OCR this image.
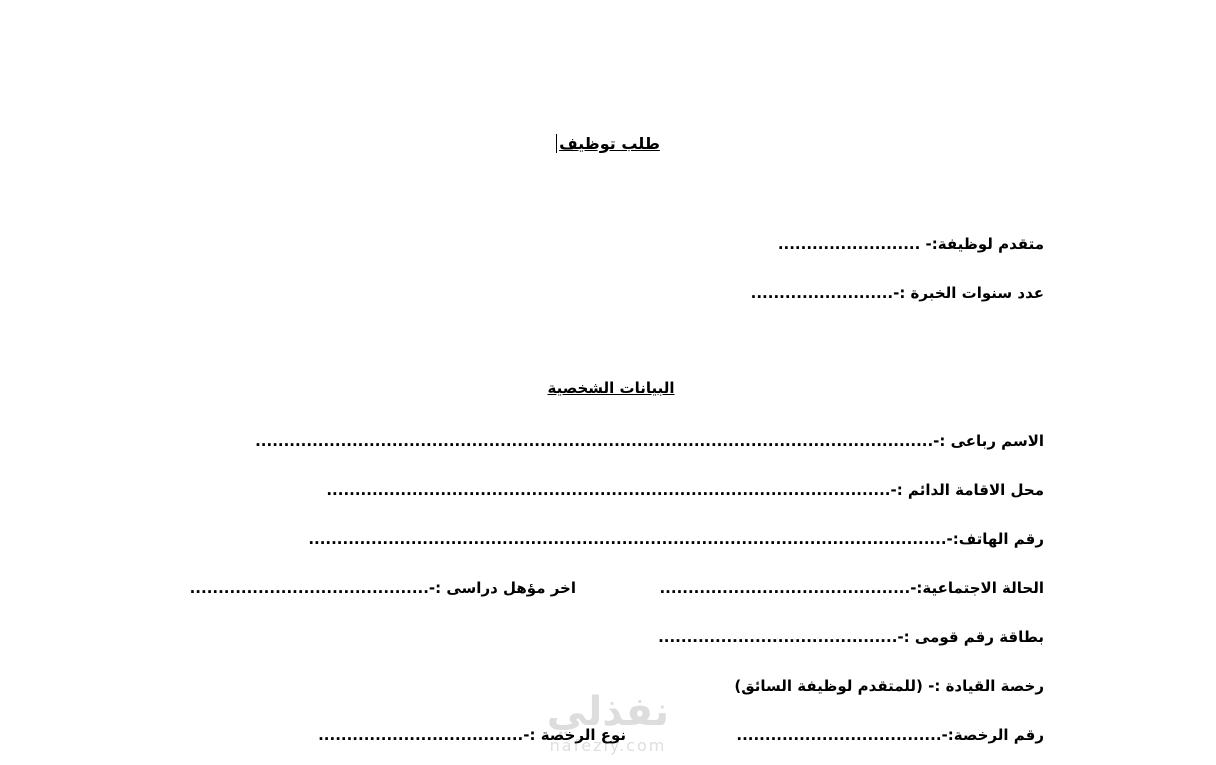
طلب توظيف
متقدم لوظيفة:- .........................
عدد سنوات الخبرة :-.........................
البيانات الشخصية
الاسم رباعى :-.......................................................................................................................
محل الاقامة الدائم :-...................................................................................................
رقم الهاتف:-................................................................................................................
الحالة الاجتماعية:-............................................
اخر مؤهل دراسى :-..........................................
بطاقة رقم قومى :-..........................................
رخصة القيادة :- (للمتقدم لوظيفة السائق)
رقم الرخصة:-....................................
نوع الرخصة :-....................................
نفذلي
nafezly.com
